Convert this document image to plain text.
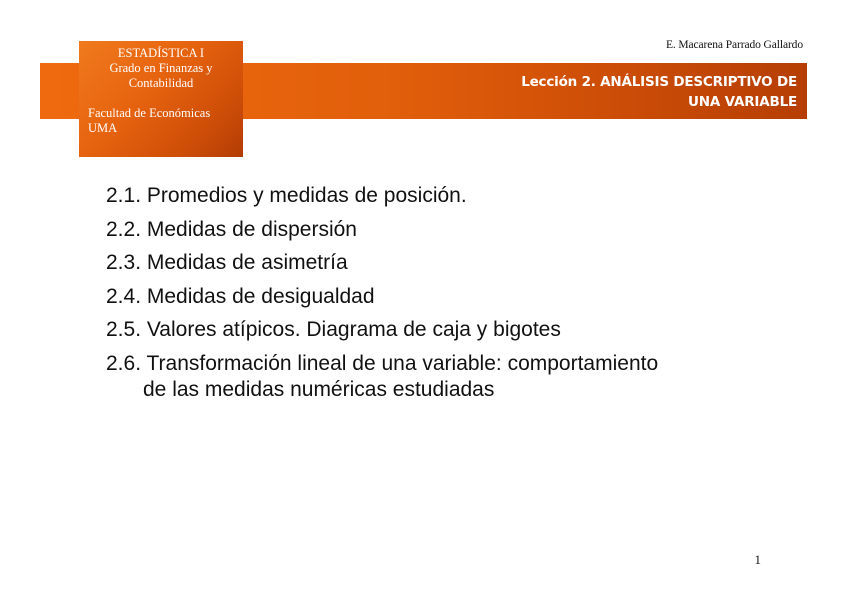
E. Macarena Parrado Gallardo
Lección 2. ANÁLISIS DESCRIPTIVO DE
UNA VARIABLE
ESTADÍSTICA I
Grado en Finanzas y
Contabilidad
Facultad de Económicas
UMA
2.1. Promedios y medidas de posición.
2.2. Medidas de dispersión
2.3. Medidas de asimetría
2.4. Medidas de desigualdad
2.5. Valores atípicos. Diagrama de caja y bigotes
2.6. Transformación lineal de una variable: comportamiento
de las medidas numéricas estudiadas
1
